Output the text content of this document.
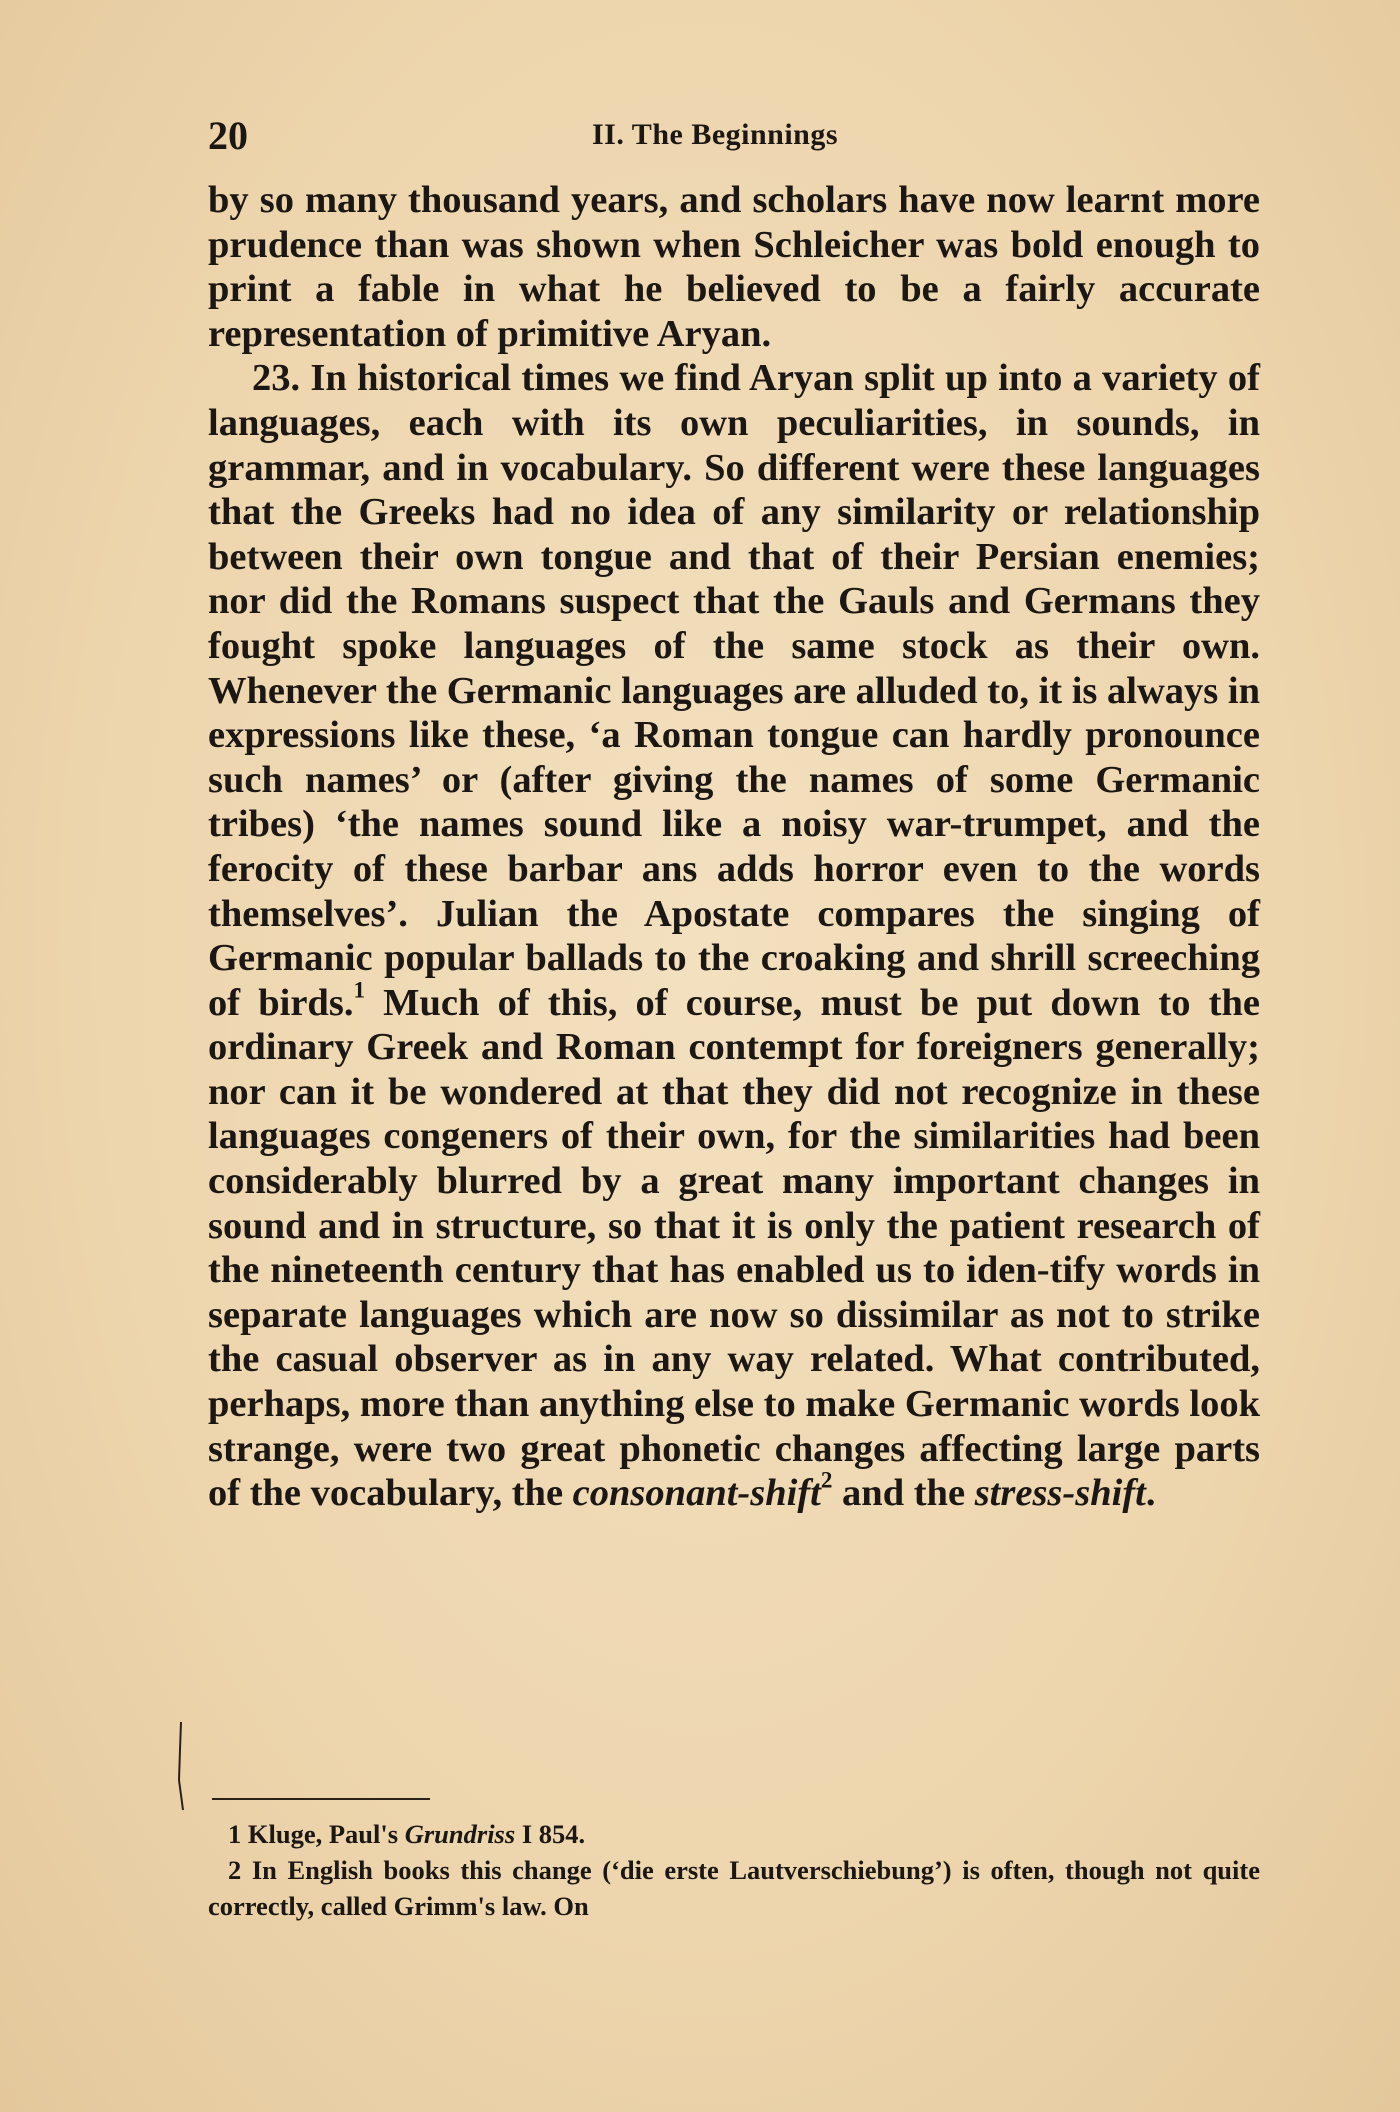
20	II. The Beginnings

by so many thousand years, and scholars have now learnt more prudence than was shown when Schleicher was bold enough to print a fable in what he believed to be a fairly accurate representation of primitive Aryan.

23. In historical times we find Aryan split up into a variety of languages, each with its own peculiarities, in sounds, in grammar, and in vocabulary. So different were these languages that the Greeks had no idea of any similarity or relationship between their own tongue and that of their Persian enemies; nor did the Romans suspect that the Gauls and Germans they fought spoke languages of the same stock as their own. Whenever the Germanic languages are alluded to, it is always in expressions like these, ‘a Roman tongue can hardly pronounce such names’ or (after giving the names of some Germanic tribes) ‘the names sound like a noisy war-trumpet, and the ferocity of these barbar ans adds horror even to the words themselves’. Julian the Apostate compares the singing of Germanic popular ballads to the croaking and shrill screeching of birds.$^1$ Much of this, of course, must be put down to the ordinary Greek and Roman contempt for foreigners generally; nor can it be wondered at that they did not recognize in these languages congeners of their own, for the similarities had been considerably blurred by a great many important changes in sound and in structure, so that it is only the patient research of the nineteenth century that has enabled us to iden-tify words in separate languages which are now so dissimilar as not to strike the casual observer as in any way related. What contributed, perhaps, more than anything else to make Germanic words look strange, were two great phonetic changes affecting large parts of the vocabulary, the consonant-shift$^2$ and the stress-shift.

1 Kluge, Paul's Grundriss I 854.

2 In English books this change (‘die erste Lautverschiebung’) is often, though not quite correctly, called Grimm's law. On
